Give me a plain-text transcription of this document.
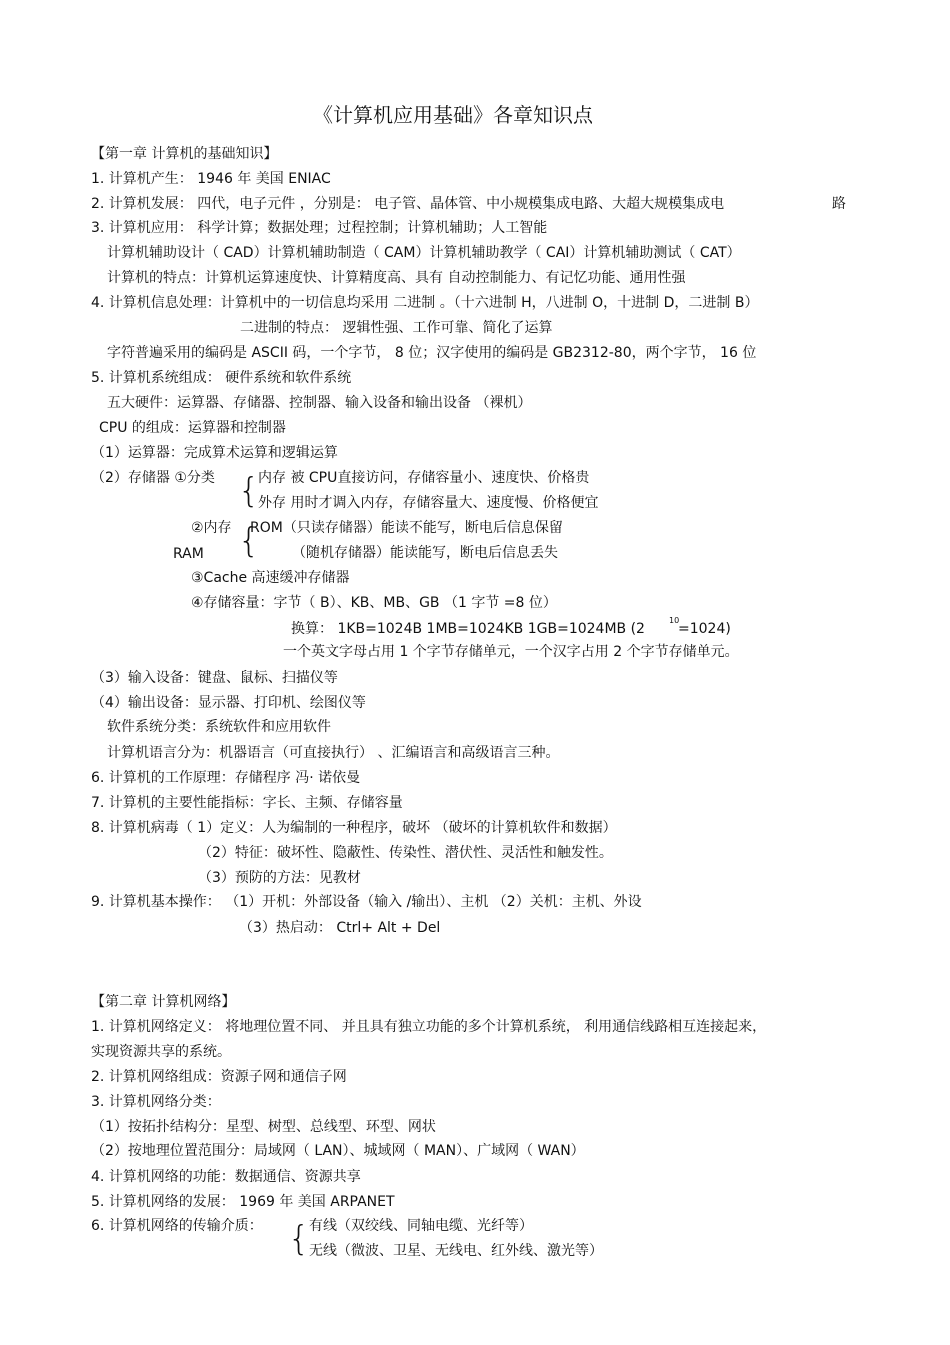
《计算机应用基础》各章知识点
【第一章 计算机的基础知识】
1. 计算机产生： 1946 年 美国 ENIAC
2. 计算机发展： 四代，电子元件 ，分别是： 电子管、晶体管、中小规模集成电路、大超大规模集成电	路
3. 计算机应用： 科学计算；数据处理；过程控制；计算机辅助；人工智能
计算机辅助设计（ CAD）计算机辅助制造（ CAM）计算机辅助教学（ CAI）计算机辅助测试（ CAT）
计算机的特点：计算机运算速度快、计算精度高、具有 自动控制能力、有记忆功能、通用性强
4. 计算机信息处理：计算机中的一切信息均采用 二进制 。（十六进制 H，八进制 O，十进制 D，二进制 B）
二进制的特点： 逻辑性强、工作可靠、简化了运算
字符普遍采用的编码是 ASCII 码，一个字节， 8 位；汉字使用的编码是 GB2312-80，两个字节， 16 位
5. 计算机系统组成： 硬件系统和软件系统
五大硬件：运算器、存储器、控制器、输入设备和输出设备 （裸机）
CPU 的组成：运算器和控制器
（1）运算器：完成算术运算和逻辑运算
（2）存储器 ①分类 {
内存 被 CPU直接访问，存储容量小、速度快、价格贵
外存 用时才调入内存，存储容量大、速度慢、价格便宜
②内存 {
ROM（只读存储器）能读不能写，断电后信息保留
RAM	（随机存储器）能读能写，断电后信息丢失
③Cache 高速缓冲存储器
④存储容量：字节（ B）、KB、MB、GB （1 字节 =8 位）
换算： 1KB=1024B 1MB=1024KB 1GB=1024MB (2
10
=1024)
一个英文字母占用 1 个字节存储单元，一个汉字占用 2 个字节存储单元。
（3）输入设备：键盘、鼠标、扫描仪等
（4）输出设备：显示器、打印机、绘图仪等
软件系统分类：系统软件和应用软件
计算机语言分为：机器语言（可直接执行） 、汇编语言和高级语言三种。
6. 计算机的工作原理：存储程序 冯· 诺依曼
7. 计算机的主要性能指标：字长、主频、存储容量
8. 计算机病毒（ 1）定义：人为编制的一种程序，破坏 （破坏的计算机软件和数据）
（2）特征：破坏性、隐蔽性、传染性、潜伏性、灵活性和触发性。
（3）预防的方法：见教材
9. 计算机基本操作： （1）开机：外部设备（输入 /输出）、主机 （2）关机：主机、外设
（3）热启动： Ctrl+ Alt + Del
【第二章 计算机网络】
1. 计算机网络定义： 将地理位置不同、 并且具有独立功能的多个计算机系统， 利用通信线路相互连接起来，
实现资源共享的系统。
2. 计算机网络组成：资源子网和通信子网
3. 计算机网络分类：
（1）按拓扑结构分：星型、树型、总线型、环型、网状
（2）按地理位置范围分：局域网（ LAN）、城域网（ MAN）、广域网（ WAN）
4. 计算机网络的功能：数据通信、资源共享
5. 计算机网络的发展： 1969 年 美国 ARPANET
6. 计算机网络的传输介质： { 有线（双绞线、同轴电缆、光纤等）
无线（微波、卫星、无线电、红外线、激光等）
